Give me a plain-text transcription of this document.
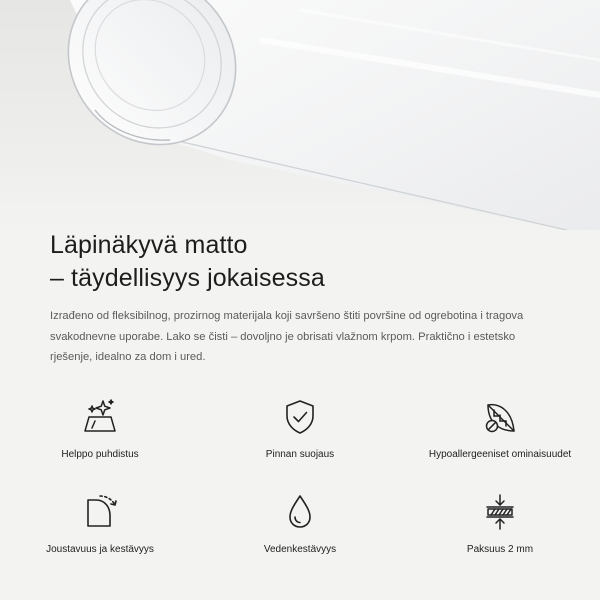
Läpinäkyvä matto
– täydellisyys jokaisessa

Izrađeno od fleksibilnog, prozirnog materijala koji savršeno štiti površine od ogrebotina i tragova svakodnevne uporabe. Lako se čisti – dovoljno je obrisati vlažnom krpom. Praktično i estetsko rješenje, idealno za dom i ured.

Helppo puhdistus	Pinnan suojaus	Hypoallergeeniset ominaisuudet
Joustavuus ja kestävyys	Vedenkestävyys	Paksuus 2 mm
